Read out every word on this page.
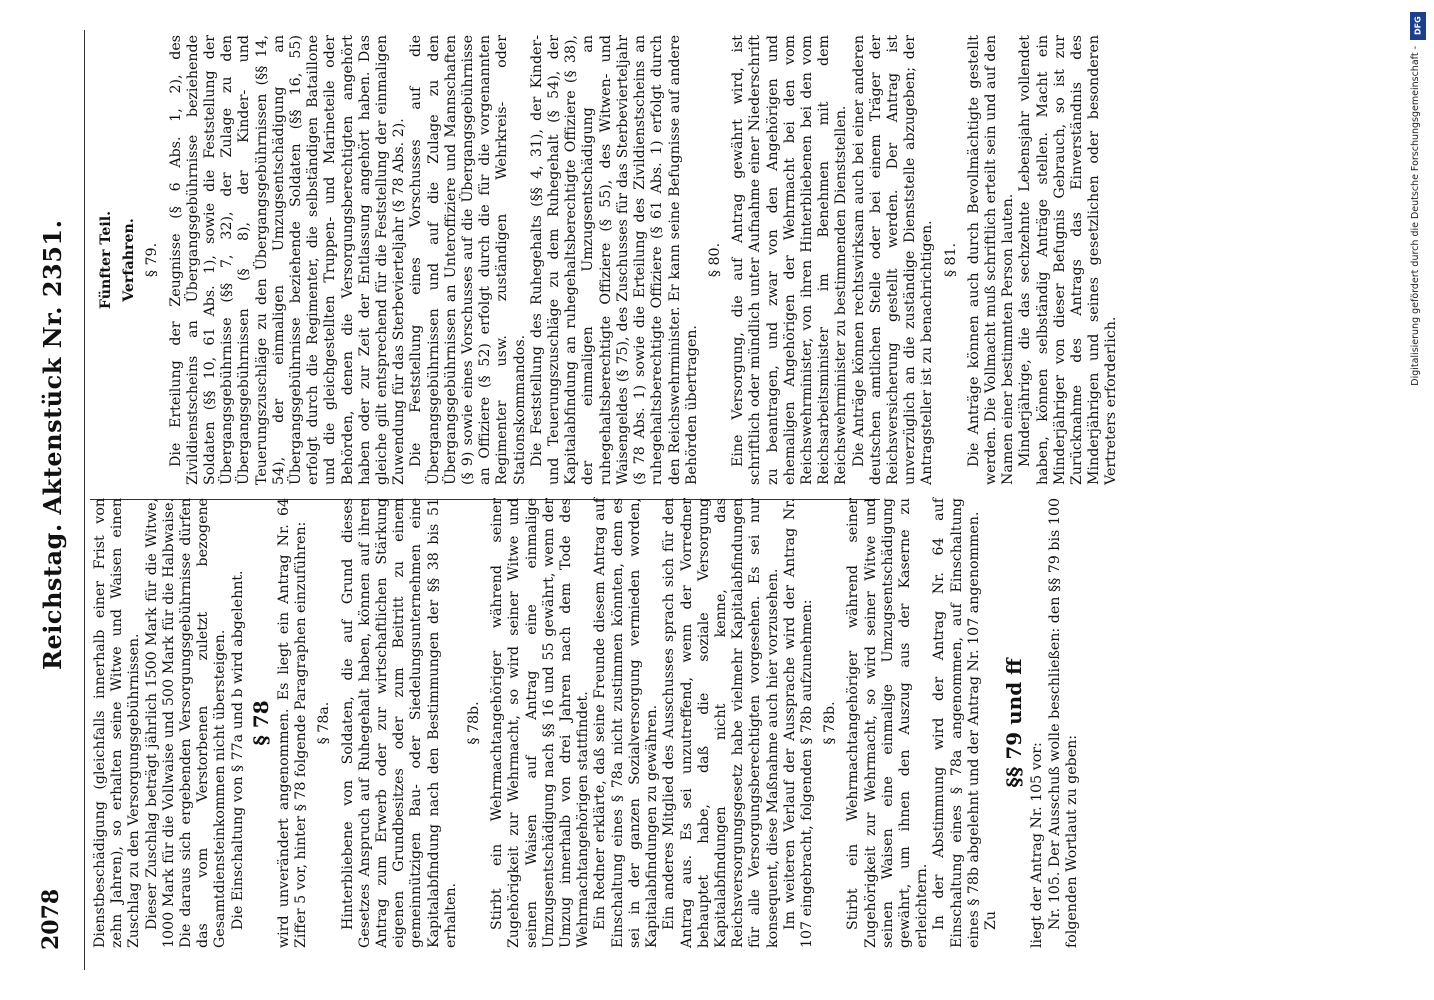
2078
Reichstag. Aktenstück Nr. 2351.

Dienstbeschädigung (gleichfalls innerhalb einer Frist von zehn Jahren), so erhalten seine Witwe und Waisen einen Zuschlag zu den Versorgungsgebührnissen. Dieser Zuschlag beträgt jährlich 1500 Mark für die Witwe, 1000 Mark für die Vollwaise und 500 Mark für die Halbwaise. Die daraus sich ergebenden Versorgungsgebührnisse dürfen das vom Verstorbenen zuletzt bezogene Gesamtdiensteinkommen nicht übersteigen. Die Einschaltung von § 77a und b wird abgelehnt. § 78 wird unverändert angenommen. Es liegt ein Antrag Nr. 64 Ziffer 5 vor, hinter § 78 folgende Paragraphen einzuführen: § 78a. Hinterbliebene von Soldaten, die auf Grund dieses Gesetzes Anspruch auf Ruhegehalt haben, können auf ihren Antrag zum Erwerb oder zur wirtschaftlichen Stärkung eigenen Grundbesitzes oder zum Beitritt zu einem gemeinnützigen Bau- oder Siedelungsunternehmen eine Kapitalabfindung nach den Bestimmungen der §§ 38 bis 51 erhalten.

§ 78b. Stirbt ein Wehrmachtangehöriger während seiner Zugehörigkeit zur Wehrmacht, so wird seiner Witwe und seinen Waisen auf Antrag eine einmalige Umzugsentschädigung nach §§ 16 und 55 gewährt, wenn der Umzug innerhalb von drei Jahren nach dem Tode des Wehrmachtangehörigen stattfindet. Ein Redner erklärte, daß seine Freunde diesem Antrag auf Einschaltung eines § 78a nicht zustimmen könnten, denn es sei in der ganzen Sozialversorgung vermieden worden, Kapitalabfindungen zu gewähren. Ein anderes Mitglied des Ausschusses sprach sich für den Antrag aus. Es sei unzutreffend, wenn der Vorredner behauptet habe, daß die soziale Versorgung Kapitalabfindungen nicht kenne, das Reichsversorgungsgesetz habe vielmehr Kapitalabfindungen für alle Versorgungsberechtigten vorgesehen. Es sei nur konsequent, diese Maßnahme auch hier vorzusehen. Im weiteren Verlauf der Aussprache wird der Antrag Nr. 107 eingebracht, folgenden § 78b aufzunehmen: § 78b. Stirbt ein Wehrmachtangehöriger während seiner Zugehörigkeit zur Wehrmacht, so wird seiner Witwe und seinen Waisen eine einmalige Umzugsentschädigung gewährt, um ihnen den Auszug aus der Kaserne zu erleichtern. In der Abstimmung wird der Antrag Nr. 64 auf Einschaltung eines § 78a angenommen, auf Einschaltung eines § 78b abgelehnt und der Antrag Nr. 107 angenommen. Zu

§§ 79 und ff

liegt der Antrag Nr. 105 vor: Nr. 105. Der Ausschuß wolle beschließen: den §§ 79 bis 100 folgenden Wortlaut zu geben:

Fünfter Teil. Verfahren. § 79. Die Erteilung der Zeugnisse (§ 6 Abs. 1, 2), des Zivildienstscheins an Übergangsgebührnisse beziehende Soldaten (§§ 10, 61 Abs. 1), sowie die Feststellung der Übergangsgebührnisse (§§ 7, 32), der Zulage zu den Übergangsgebührnissen (§ 8), der Kinder- und Teuerungszuschläge zu den Übergangsgebührnissen (§§ 14, 54), der einmaligen Umzugsentschädigung an Übergangsgebührnisse beziehende Soldaten (§§ 16, 55) erfolgt durch die Regimenter, die selbständigen Bataillone und die gleichgestellten Truppen- und Marineteile oder Behörden, denen die Versorgungsberechtigten angehört haben oder zur Zeit der Entlassung angehört haben. Das gleiche gilt entsprechend für die Feststellung der einmaligen Zuwendung für das Sterbevierteljahr (§ 78 Abs. 2). Die Feststellung eines Vorschusses auf die Übergangsgebührnissen und auf die Zulage zu den Übergangsgebührnissen an Unteroffiziere und Mannschaften (§ 9) sowie eines Vorschusses auf die Übergangsgebührnisse an Offiziere (§ 52) erfolgt durch die für die vorgenannten Regimenter usw. zuständigen Wehrkreis- oder Stationskommandos. Die Feststellung des Ruhegehalts (§§ 4, 31), der Kinder- und Teuerungszuschläge zu dem Ruhegehalt (§ 54), der Kapitalabfindung an ruhegehaltsberechtigte Offiziere (§ 38), der einmaligen Umzugsentschädigung an ruhegehaltsberechtigte Offiziere (§ 55), des Witwen- und Waisengeldes (§ 75), des Zuschusses für das Sterbevierteljahr (§ 78 Abs. 1) sowie die Erteilung des Zivildienstscheins an ruhegehaltsberechtigte Offiziere (§ 61 Abs. 1) erfolgt durch den Reichswehrminister. Er kann seine Befugnisse auf andere Behörden übertragen.

§ 80. Eine Versorgung, die auf Antrag gewährt wird, ist schriftlich oder mündlich unter Aufnahme einer Niederschrift zu beantragen, und zwar von den Angehörigen und ehemaligen Angehörigen der Wehrmacht bei den vom Reichswehrminister, von ihren Hinterbliebenen bei den vom Reichsarbeitsminister im Benehmen mit dem Reichswehrminister zu bestimmenden Dienststellen. Die Anträge können rechtswirksam auch bei einer anderen deutschen amtlichen Stelle oder bei einem Träger der Reichsversicherung gestellt werden. Der Antrag ist unverzüglich an die zuständige Dienststelle abzugeben; der Antragsteller ist zu benachrichtigen. § 81. Die Anträge können auch durch Bevollmächtigte gestellt werden. Die Vollmacht muß schriftlich erteilt sein und auf den Namen einer bestimmten Person lauten. Minderjährige, die das sechzehnte Lebensjahr vollendet haben, können selbständig Anträge stellen. Macht ein Minderjähriger von dieser Befugnis Gebrauch, so ist zur Zurücknahme des Antrags das Einverständnis des Minderjährigen und seines gesetzlichen oder besonderen Vertreters erforderlich.

DFG
Digitalisierung gefördert durch die Deutsche Forschungsgemeinschaft -
